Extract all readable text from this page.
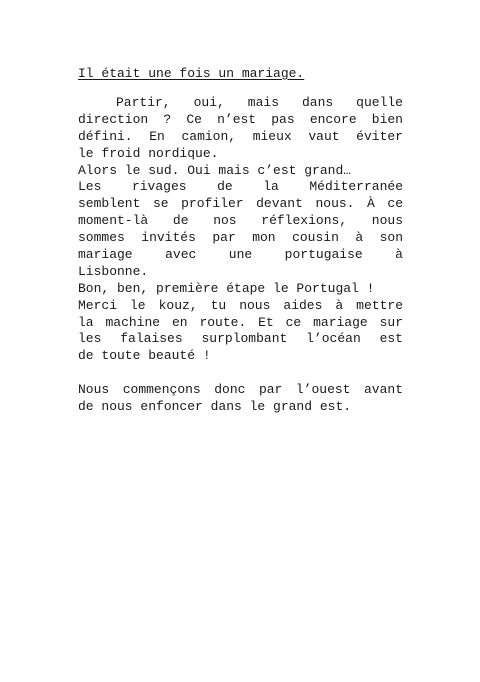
Il était une fois un mariage.
Partir, oui, mais dans quelle
direction ? Ce n’est pas encore bien
défini. En camion, mieux vaut éviter
le froid nordique.
Alors le sud. Oui mais c’est grand…
Les rivages de la Méditerranée
semblent se profiler devant nous. À ce
moment-là de nos réflexions, nous
sommes invités par mon cousin à son
mariage avec une portugaise à
Lisbonne.
Bon, ben, première étape le Portugal !
Merci le kouz, tu nous aides à mettre
la machine en route. Et ce mariage sur
les falaises surplombant l’océan est
de toute beauté !
Nous commençons donc par l’ouest avant
de nous enfoncer dans le grand est.
